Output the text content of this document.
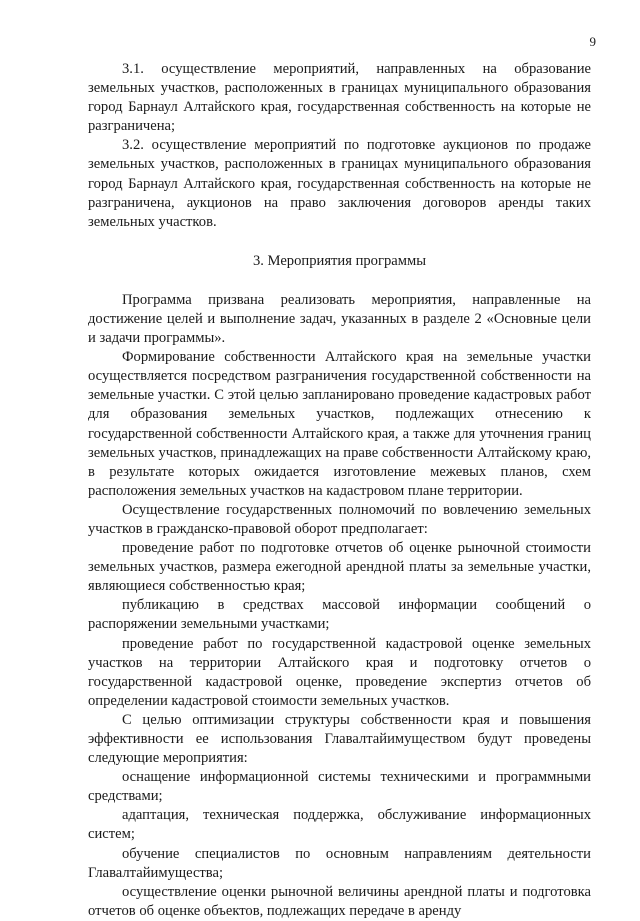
9

3.1. осуществление мероприятий, направленных на образование земельных участков, расположенных в границах муниципального образования город Барнаул Алтайского края, государственная собственность на которые не разграничена;

3.2. осуществление мероприятий по подготовке аукционов по продаже земельных участков, расположенных в границах муниципального образования город Барнаул Алтайского края, государственная собственность на которые не разграничена, аукционов на право заключения договоров аренды таких земельных участков.

3. Мероприятия программы

Программа призвана реализовать мероприятия, направленные на достижение целей и выполнение задач, указанных в разделе 2 «Основные цели и задачи программы».

Формирование собственности Алтайского края на земельные участки осуществляется посредством разграничения государственной собственности на земельные участки. С этой целью запланировано проведение кадастровых работ для образования земельных участков, подлежащих отнесению к государственной собственности Алтайского края, а также для уточнения границ земельных участков, принадлежащих на праве собственности Алтайскому краю, в результате которых ожидается изготовление межевых планов, схем расположения земельных участков на кадастровом плане территории.

Осуществление государственных полномочий по вовлечению земельных участков в гражданско-правовой оборот предполагает:

проведение работ по подготовке отчетов об оценке рыночной стоимости земельных участков, размера ежегодной арендной платы за земельные участки, являющиеся собственностью края;

публикацию в средствах массовой информации сообщений о распоряжении земельными участками;

проведение работ по государственной кадастровой оценке земельных участков на территории Алтайского края и подготовку отчетов о государственной кадастровой оценке, проведение экспертиз отчетов об определении кадастровой стоимости земельных участков.

С целью оптимизации структуры собственности края и повышения эффективности ее использования Главалтайимуществом будут проведены следующие мероприятия:

оснащение информационной системы техническими и программными средствами;

адаптация, техническая поддержка, обслуживание информационных систем;

обучение специалистов по основным направлениям деятельности Главалтайимущества;

осуществление оценки рыночной величины арендной платы и подготовка отчетов об оценке объектов, подлежащих передаче в аренду
